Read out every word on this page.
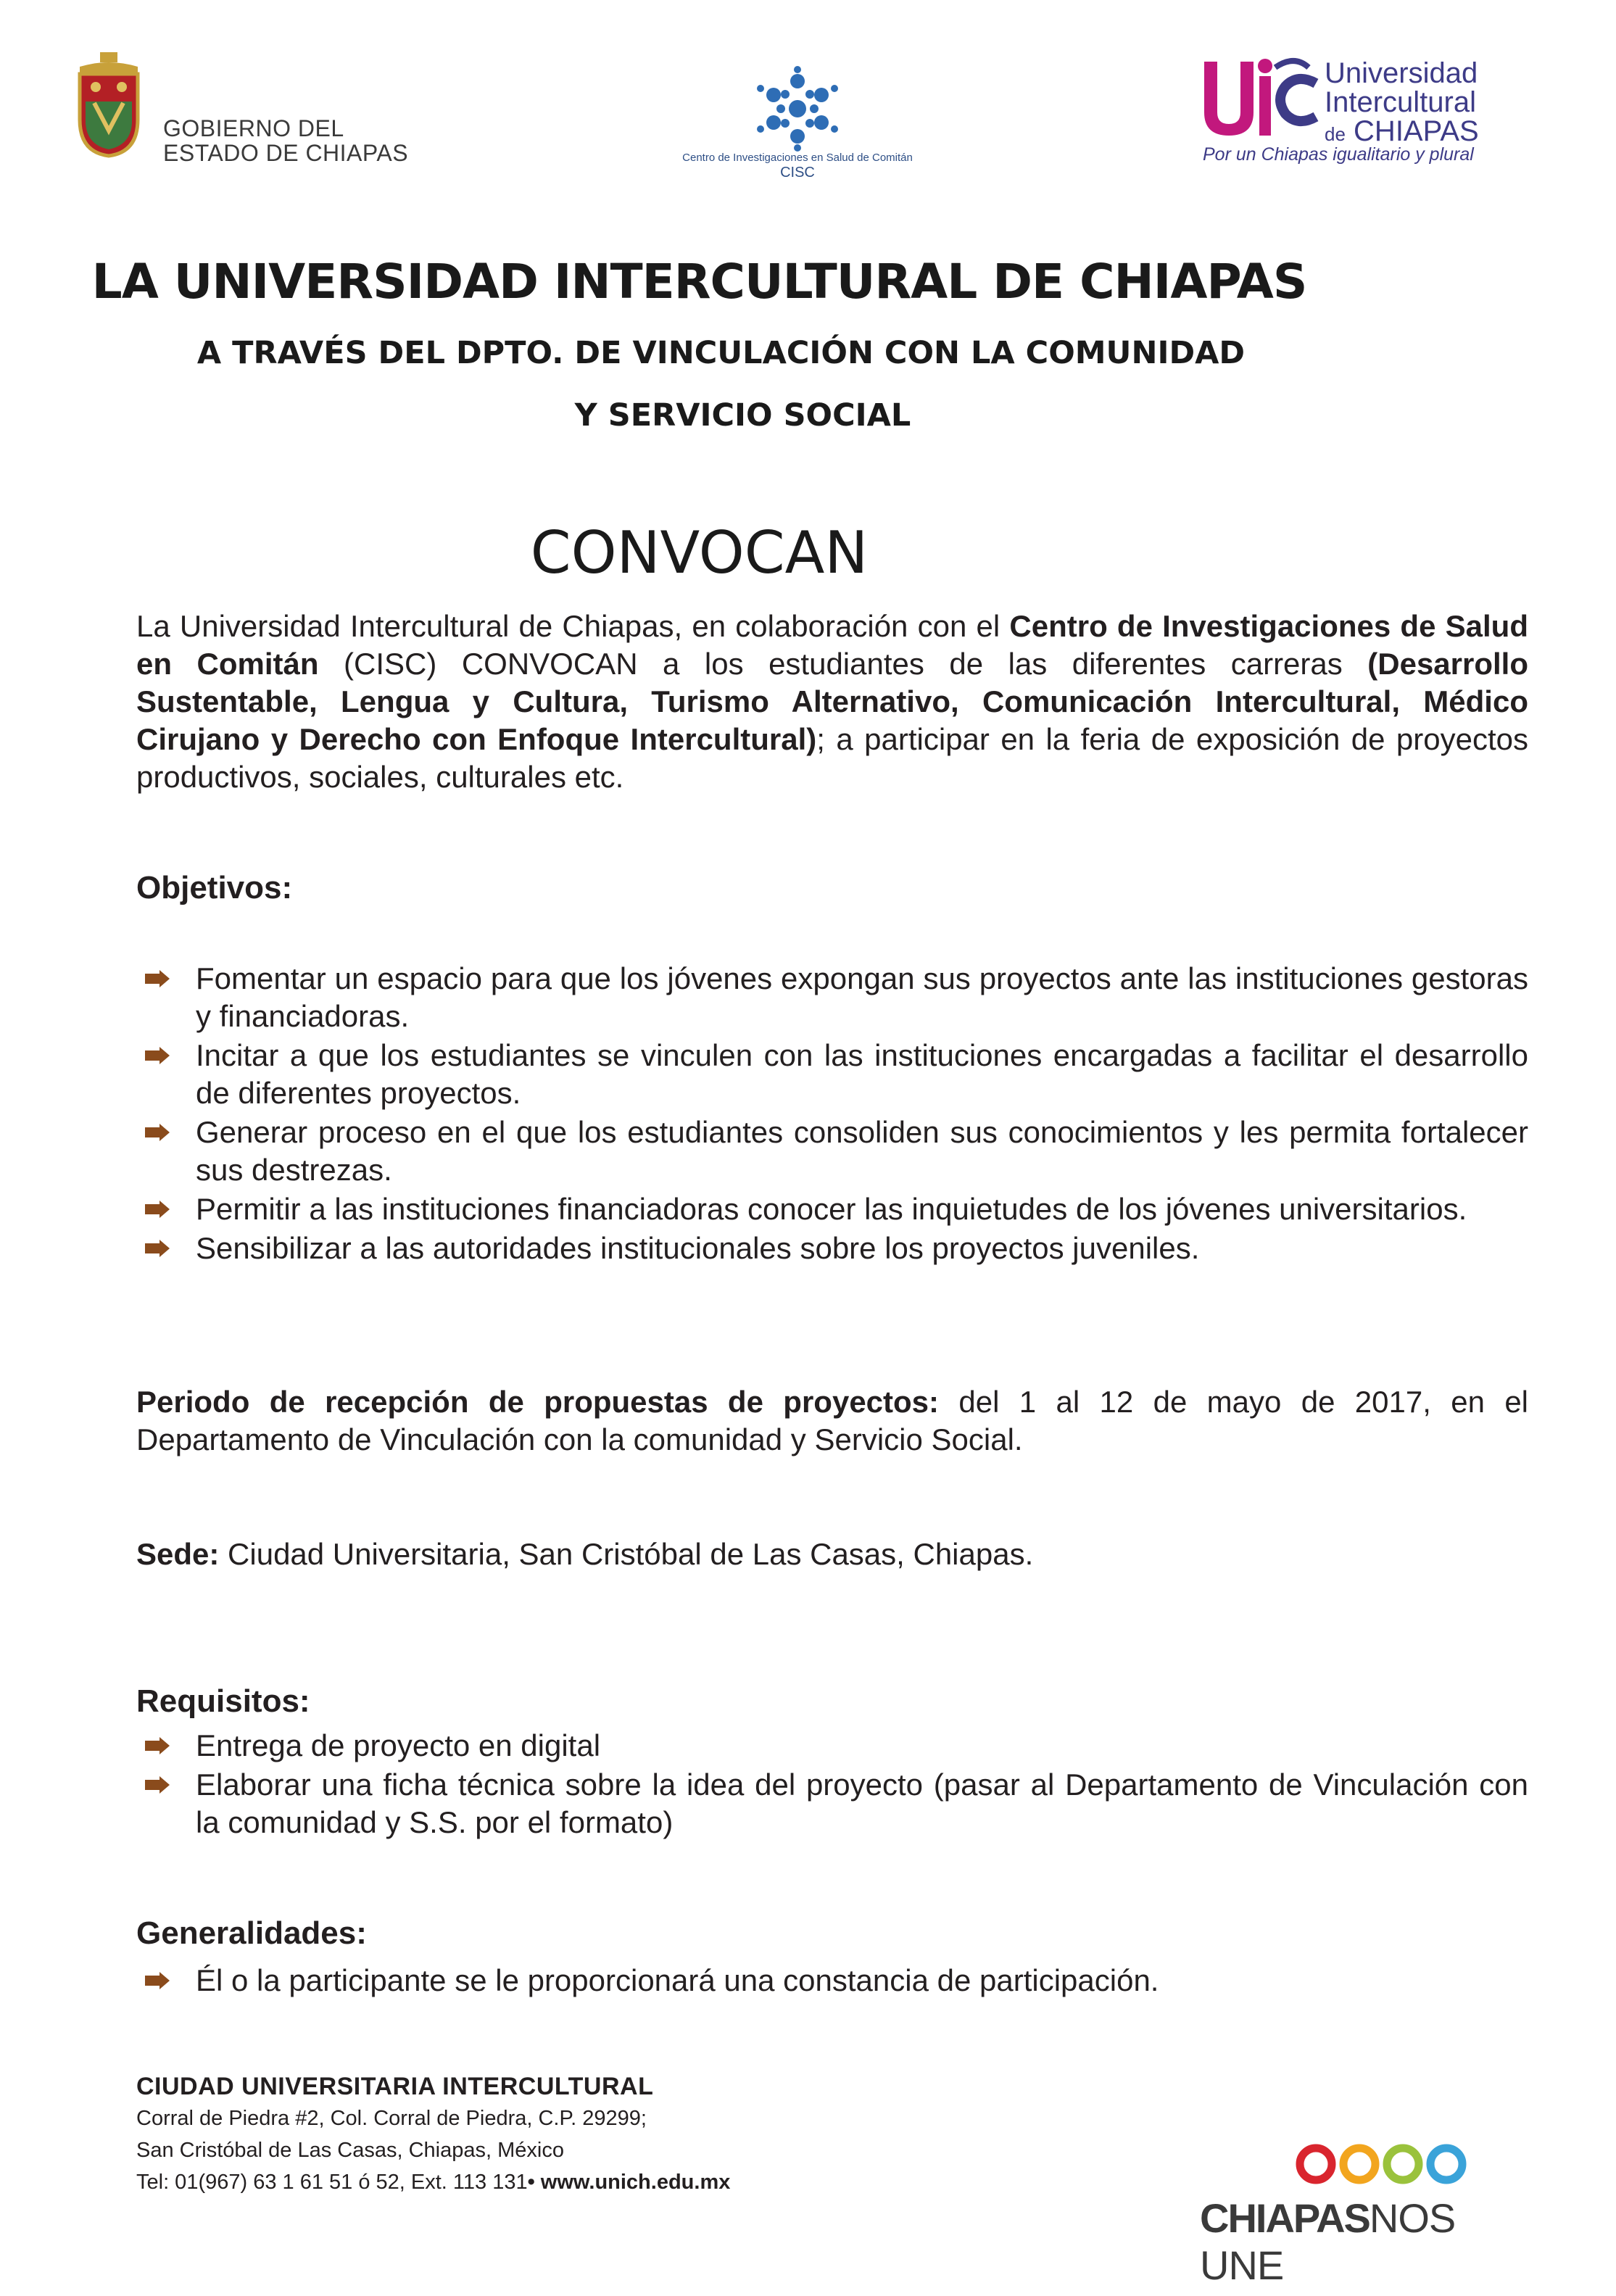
GOBIERNO DEL
ESTADO DE CHIAPAS	Centro de Investigaciones en Salud de Comitán
CISC
Universidad
Intercultural
de CHIAPAS
Por un Chiapas igualitario y plural
LA UNIVERSIDAD INTERCULTURAL DE CHIAPAS
A TRAVÉS DEL DPTO. DE VINCULACIÓN CON LA COMUNIDAD
Y SERVICIO SOCIAL
CONVOCAN
La Universidad Intercultural de Chiapas, en colaboración con el Centro de Investigaciones de Salud en Comitán (CISC) CONVOCAN a los estudiantes de las diferentes carreras (Desarrollo Sustentable, Lengua y Cultura, Turismo Alternativo, Comunicación Intercultural, Médico Cirujano y Derecho con Enfoque Intercultural); a participar en la feria de exposición de proyectos productivos, sociales, culturales etc.
Objetivos:
Fomentar un espacio para que los jóvenes expongan sus proyectos ante las instituciones gestoras y financiadoras.
Incitar a que los estudiantes se vinculen con las instituciones encargadas a facilitar el desarrollo de diferentes proyectos.
Generar proceso en el que los estudiantes consoliden sus conocimientos y les permita fortalecer sus destrezas.
Permitir a las instituciones financiadoras conocer las inquietudes de los jóvenes universitarios.
Sensibilizar a las autoridades institucionales sobre los proyectos juveniles.
Periodo de recepción de propuestas de proyectos: del 1 al 12 de mayo de 2017, en el Departamento de Vinculación con la comunidad y Servicio Social.
Sede: Ciudad Universitaria, San Cristóbal de Las Casas, Chiapas.
Requisitos:
Entrega de proyecto en digital
Elaborar una ficha técnica sobre la idea del proyecto (pasar al Departamento de Vinculación con la comunidad y S.S. por el formato)
Generalidades:
Él o la participante se le proporcionará una constancia de participación.
CIUDAD UNIVERSITARIA INTERCULTURAL
Corral de Piedra #2, Col. Corral de Piedra, C.P. 29299;
San Cristóbal de Las Casas, Chiapas, México
Tel: 01(967) 63 1 61 51 ó 52, Ext. 113 131• www.unich.edu.mx
CHIAPASNOS UNE
